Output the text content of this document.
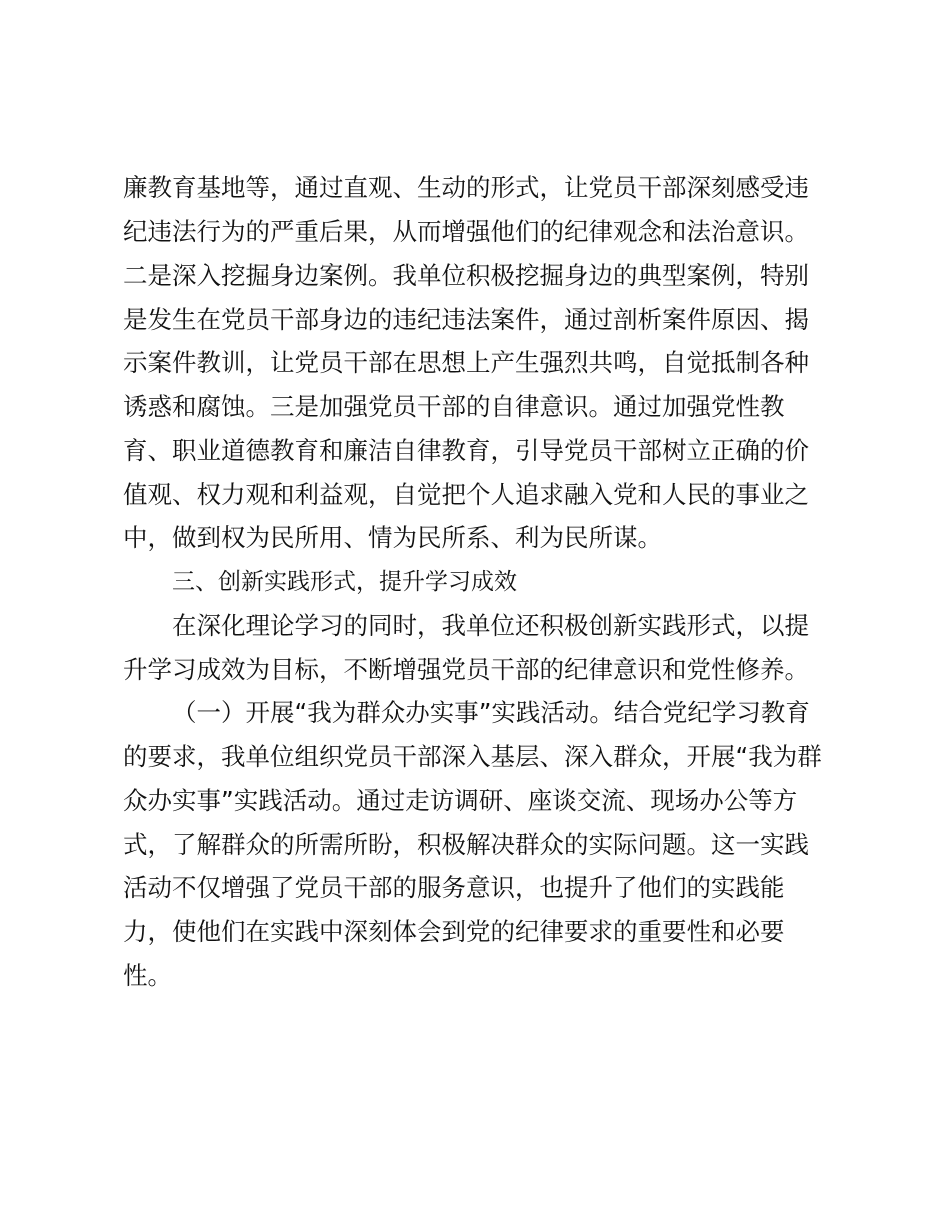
廉教育基地等，通过直观、生动的形式，让党员干部深刻感受违
纪违法行为的严重后果，从而增强他们的纪律观念和法治意识。
二是深入挖掘身边案例。我单位积极挖掘身边的典型案例，特别
是发生在党员干部身边的违纪违法案件，通过剖析案件原因、揭
示案件教训，让党员干部在思想上产生强烈共鸣，自觉抵制各种
诱惑和腐蚀。三是加强党员干部的自律意识。通过加强党性教
育、职业道德教育和廉洁自律教育，引导党员干部树立正确的价
值观、权力观和利益观，自觉把个人追求融入党和人民的事业之
中，做到权为民所用、情为民所系、利为民所谋。
三、创新实践形式，提升学习成效
在深化理论学习的同时，我单位还积极创新实践形式，以提
升学习成效为目标，不断增强党员干部的纪律意识和党性修养。
（一）开展“我为群众办实事”实践活动。结合党纪学习教育
的要求，我单位组织党员干部深入基层、深入群众，开展“我为群
众办实事”实践活动。通过走访调研、座谈交流、现场办公等方
式，了解群众的所需所盼，积极解决群众的实际问题。这一实践
活动不仅增强了党员干部的服务意识，也提升了他们的实践能
力，使他们在实践中深刻体会到党的纪律要求的重要性和必要
性。
